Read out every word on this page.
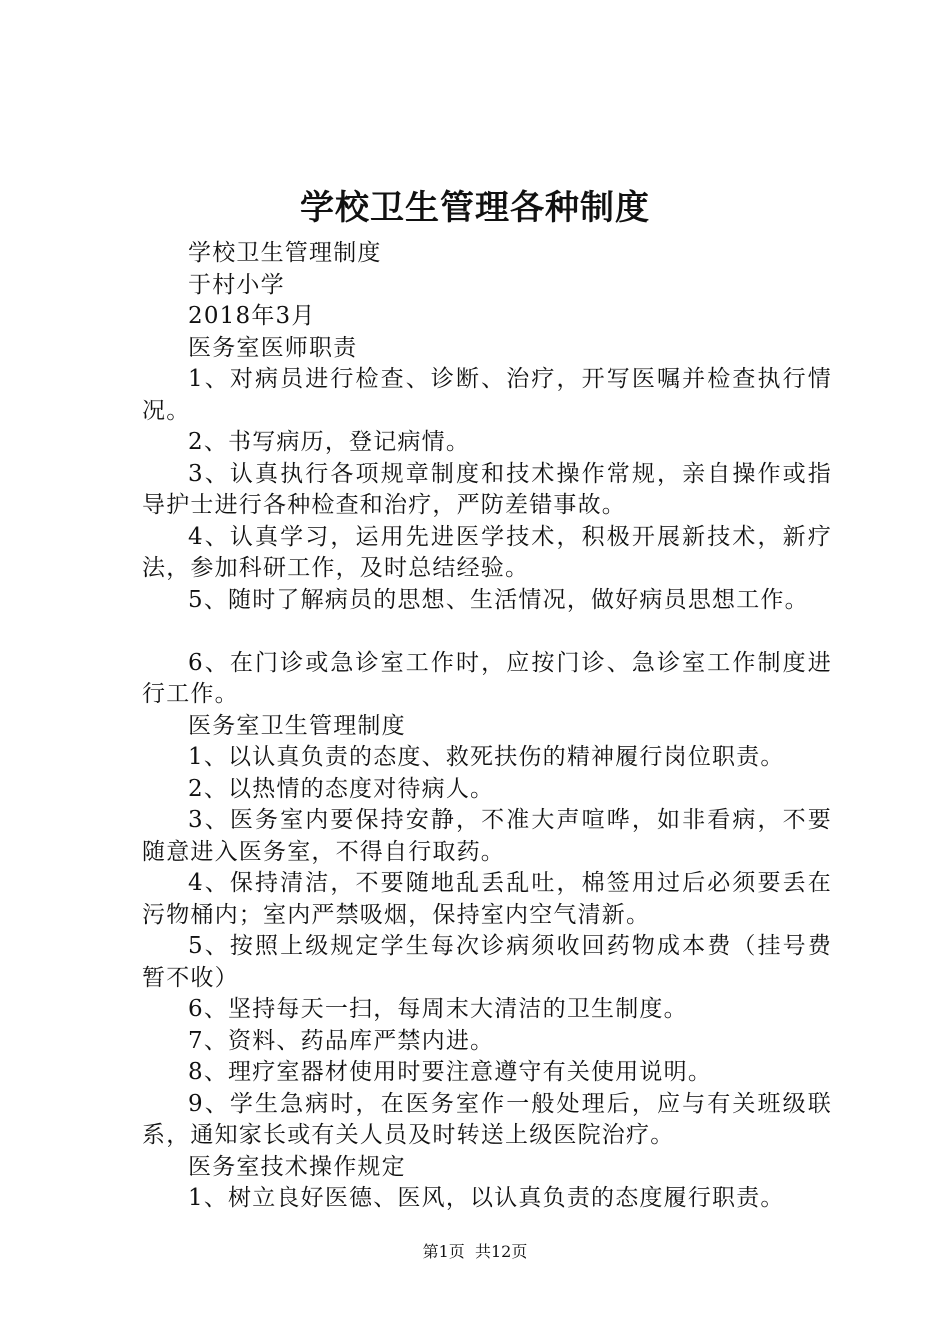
学校卫生管理各种制度

学校卫生管理制度

于村小学

2018年3月

医务室医师职责

1、对病员进行检查、诊断、治疗，开写医嘱并检查执行情况。

2、书写病历，登记病情。

3、认真执行各项规章制度和技术操作常规，亲自操作或指导护士进行各种检查和治疗，严防差错事故。

4、认真学习，运用先进医学技术，积极开展新技术，新疗法，参加科研工作，及时总结经验。

5、随时了解病员的思想、生活情况，做好病员思想工作。

6、在门诊或急诊室工作时，应按门诊、急诊室工作制度进行工作。

医务室卫生管理制度

1、以认真负责的态度、救死扶伤的精神履行岗位职责。

2、以热情的态度对待病人。

3、医务室内要保持安静，不准大声喧哗，如非看病，不要随意进入医务室，不得自行取药。

4、保持清洁，不要随地乱丢乱吐，棉签用过后必须要丢在污物桶内；室内严禁吸烟，保持室内空气清新。

5、按照上级规定学生每次诊病须收回药物成本费（挂号费暂不收）

6、坚持每天一扫，每周末大清洁的卫生制度。

7、资料、药品库严禁内进。

8、理疗室器材使用时要注意遵守有关使用说明。

9、学生急病时，在医务室作一般处理后，应与有关班级联系，通知家长或有关人员及时转送上级医院治疗。

医务室技术操作规定

1、树立良好医德、医风，以认真负责的态度履行职责。

第1页 共12页
